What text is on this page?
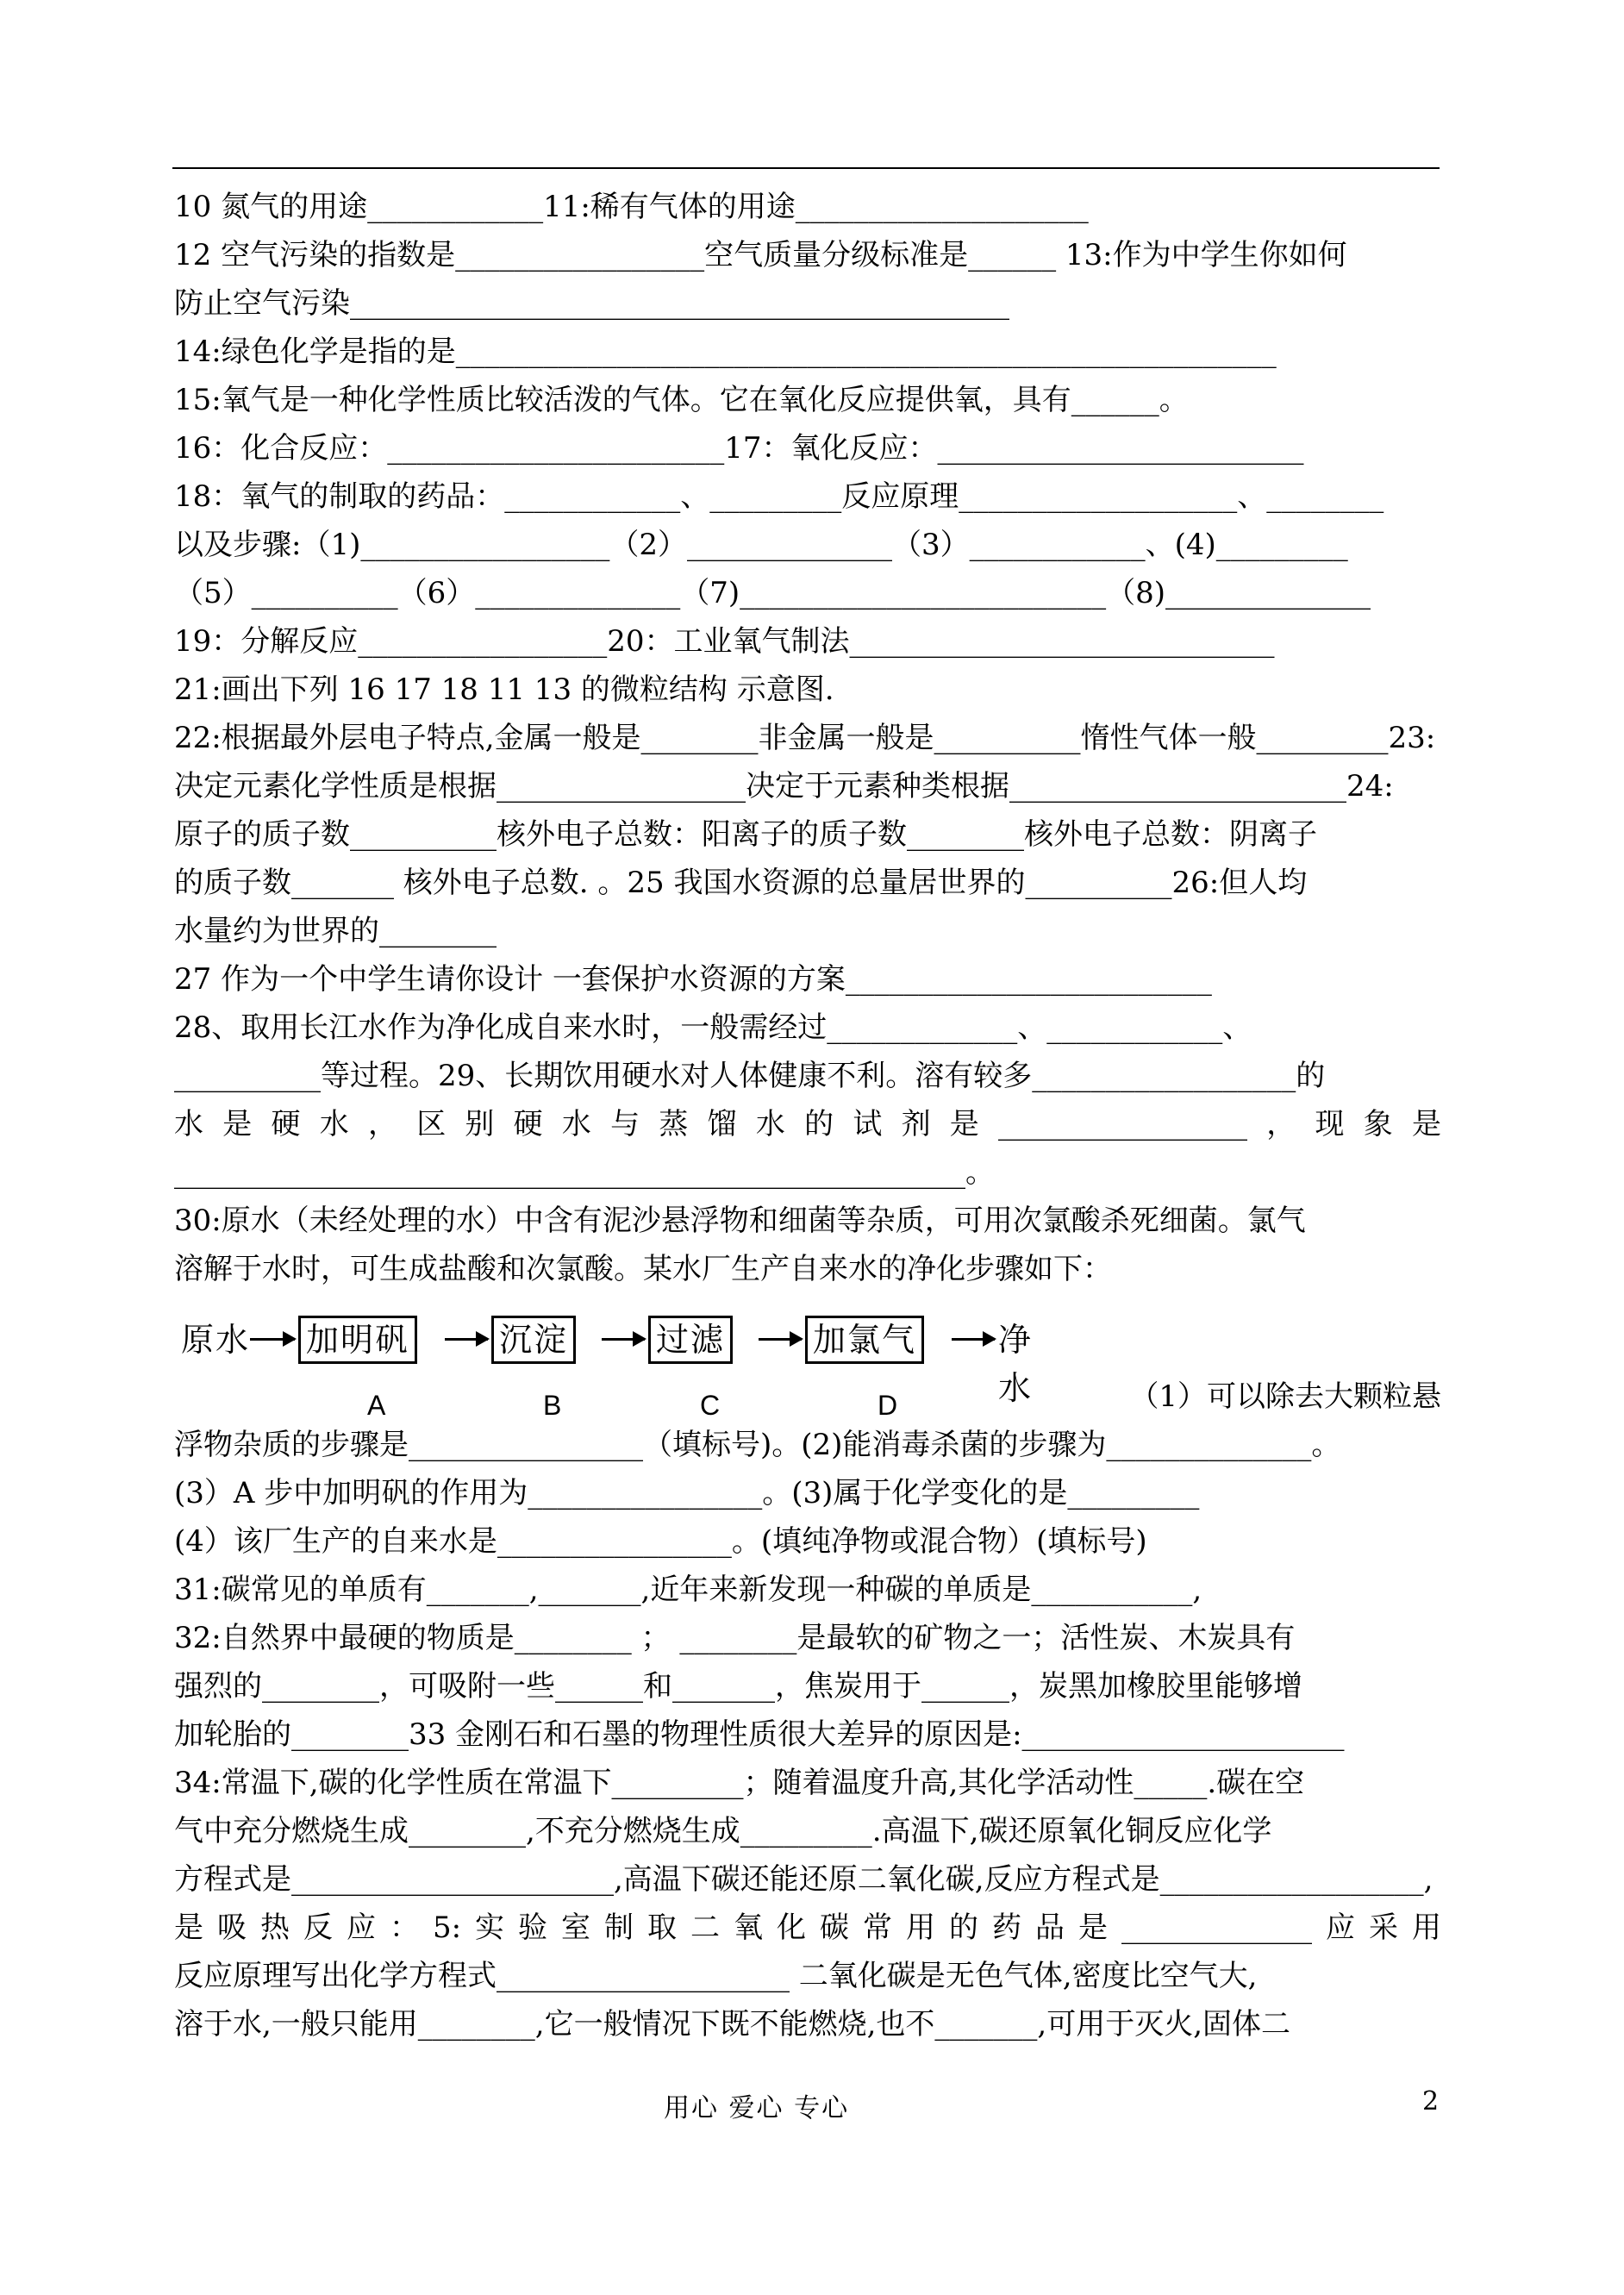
10 氮气的用途____________11:稀有气体的用途____________________
12 空气污染的指数是_________________空气质量分级标准是______ 13:作为中学生你如何
防止空气污染_____________________________________________
14:绿色化学是指的是________________________________________________________
15:氧气是一种化学性质比较活泼的气体。它在氧化反应提供氧，具有______。
16：化合反应：_______________________17：氧化反应：_________________________
18：氧气的制取的药品：____________、_________反应原理___________________、________
以及步骤:（1)_________________（2）______________（3）____________、(4)_________
（5）__________（6）______________（7)_________________________（8)______________
19：分解反应_________________20：工业氧气制法_____________________________
21:画出下列 16 17 18 11 13 的微粒结构 示意图.
22:根据最外层电子特点,金属一般是________非金属一般是__________惰性气体一般_________23:
决定元素化学性质是根据_________________决定于元素种类根据_______________________24:
原子的质子数__________核外电子总数：阳离子的质子数________核外电子总数：阴离子
的质子数_______ 核外电子总数. 。25 我国水资源的总量居世界的__________26:但人均
水量约为世界的________
27 作为一个中学生请你设计 一套保护水资源的方案_________________________
28、取用长江水作为净化成自来水时，一般需经过_____________、____________、
__________等过程。29、长期饮用硬水对人体健康不利。溶有较多__________________的
水是硬水，区别硬水与蒸馏水的试剂是_________________，现象是
______________________________________________________。
30:原水（未经处理的水）中含有泥沙悬浮物和细菌等杂质，可用次氯酸杀死细菌。氯气
溶解于水时，可生成盐酸和次氯酸。某水厂生产自来水的净化步骤如下：
原水 加明矾	沉淀	过滤	加氯气 净水
A	B	C	D	（1）可以除去大颗粒悬
浮物杂质的步骤是________________（填标号)。(2)能消毒杀菌的步骤为______________。
(3）A 步中加明矾的作用为________________。(3)属于化学变化的是_________
(4）该厂生产的自来水是________________。(填纯净物或混合物）(填标号)
31:碳常见的单质有_______,_______,近年来新发现一种碳的单质是___________,
32:自然界中最硬的物质是________ ； ________是最软的矿物之一；活性炭、木炭具有
强烈的________，可吸附一些______和_______，焦炭用于______，炭黑加橡胶里能够增
加轮胎的________33 金刚石和石墨的物理性质很大差异的原因是:______________________
34:常温下,碳的化学性质在常温下_________；随着温度升高,其化学活动性_____.碳在空
气中充分燃烧生成________,不充分燃烧生成_________.高温下,碳还原氧化铜反应化学
方程式是______________________,高温下碳还能还原二氧化碳,反应方程式是__________________,
是吸热反应：5:实验室制取二氧化碳常用的药品是_____________应采用
反应原理写出化学方程式____________________ 二氧化碳是无色气体,密度比空气大,
溶于水,一般只能用________,它一般情况下既不能燃烧,也不_______,可用于灭火,固体二
用心 爱心 专心	2
